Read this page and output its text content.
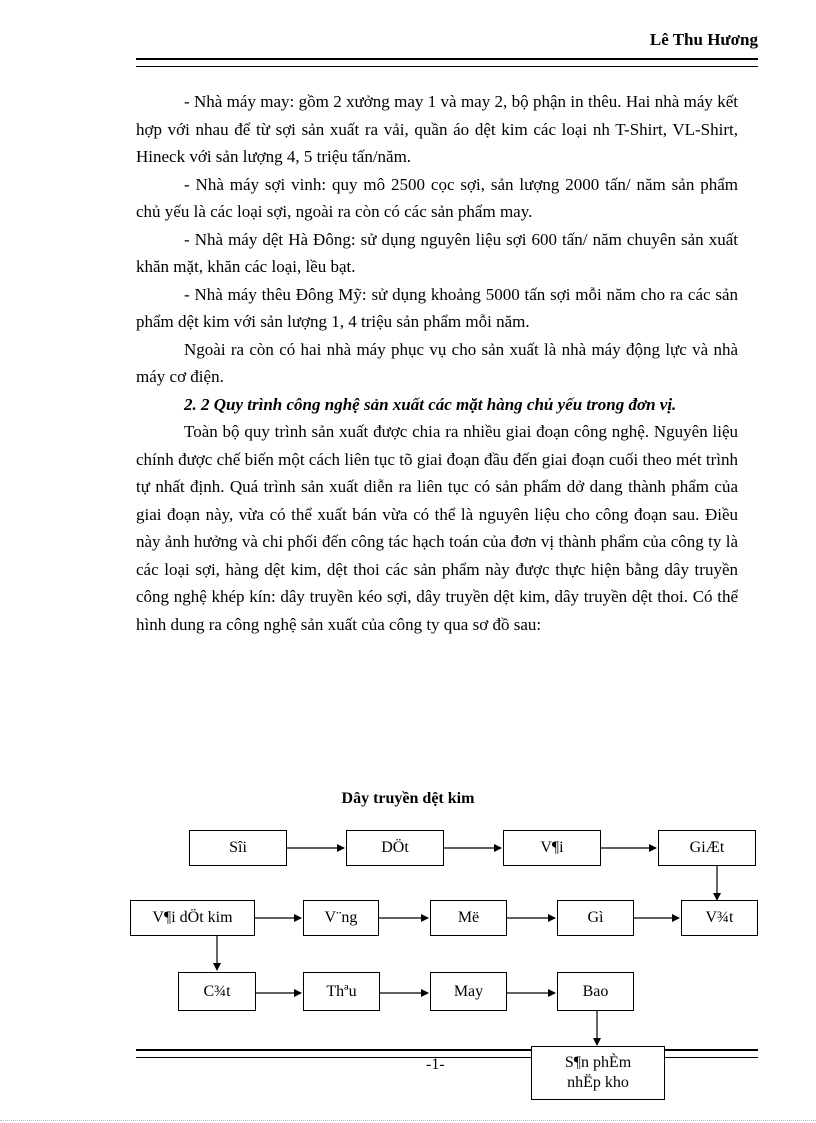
Lê Thu Hương

- Nhà máy may: gồm 2 xưởng may 1 và may 2, bộ phận in thêu. Hai nhà máy kết hợp với nhau để từ sợi sản xuất ra vải, quần áo dệt kim các loại nh T-Shirt, VL-Shirt, Hineck với sản lượng 4, 5 triệu tấn/năm.

- Nhà máy sợi vinh: quy mô 2500 cọc sợi, sản lượng 2000 tấn/ năm sản phẩm chủ yếu là các loại sợi, ngoài ra còn có các sản phẩm may.

- Nhà máy dệt Hà Đông: sử dụng nguyên liệu sợi 600 tấn/ năm chuyên sản xuất khăn mặt, khăn các loại, lều bạt.

- Nhà máy thêu Đông Mỹ: sử dụng khoảng 5000 tấn sợi mỗi năm cho ra các sản phẩm dệt kim với sản lượng 1, 4 triệu sản phẩm mỗi năm.

Ngoài ra còn có hai nhà máy phục vụ cho sản xuất là nhà máy động lực và nhà máy cơ điện.

2. 2 Quy trình công nghệ sản xuất các mặt hàng chủ yếu trong đơn vị.

Toàn bộ quy trình sản xuất được chia ra nhiều giai đoạn công nghệ. Nguyên liệu chính được chế biến một cách liên tục tõ giai đoạn đầu đến giai đoạn cuối theo mét trình tự nhất định. Quá trình sản xuất diễn ra liên tục có sản phẩm dở dang thành phẩm của giai đoạn này, vừa có thể xuất bán vừa có thể là nguyên liệu cho công đoạn sau. Điều này ảnh hưởng và chi phối đến công tác hạch toán của đơn vị thành phẩm của công ty là các loại sợi, hàng dệt kim, dệt thoi các sản phẩm này được thực hiện bằng dây truyền công nghệ khép kín: dây truyền kéo sợi, dây truyền dệt kim, dây truyền dệt thoi. Có thể hình dung ra công nghệ sản xuất của công ty qua sơ đồ sau:

Dây truyền dệt kim
Sîi	DÖt	V¶i	GiÆt
V¶i dÖt kim	V¨ng	Më	Gì	V¾t
C¾t	Thªu	May	Bao
-1-	S¶n phÈm nhËp kho
